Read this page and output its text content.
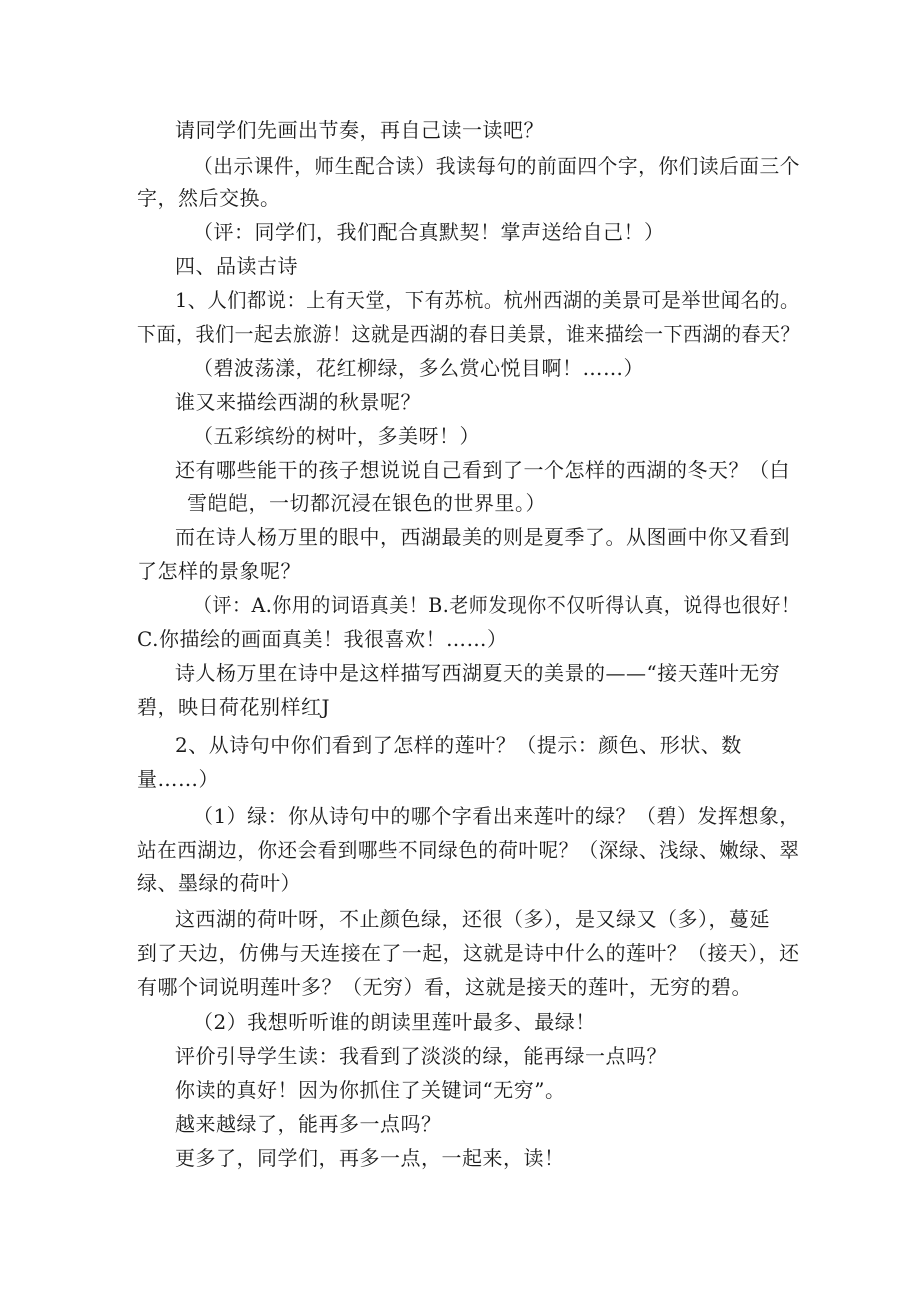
请同学们先画出节奏，再自己读一读吧？
（出示课件，师生配合读）我读每句的前面四个字，你们读后面三个
字，然后交换。
（评：同学们，我们配合真默契！掌声送给自己！）
四、品读古诗
1、人们都说：上有天堂，下有苏杭。杭州西湖的美景可是举世闻名的。
下面，我们一起去旅游！这就是西湖的春日美景，谁来描绘一下西湖的春天？
（碧波荡漾，花红柳绿，多么赏心悦目啊！……）
谁又来描绘西湖的秋景呢？
（五彩缤纷的树叶，多美呀！）
还有哪些能干的孩子想说说自己看到了一个怎样的西湖的冬天？（白
雪皑皑，一切都沉浸在银色的世界里。）
而在诗人杨万里的眼中，西湖最美的则是夏季了。从图画中你又看到
了怎样的景象呢？
（评：A.你用的词语真美！B.老师发现你不仅听得认真，说得也很好！
C.你描绘的画面真美！我很喜欢！……）
诗人杨万里在诗中是这样描写西湖夏天的美景的——“接天莲叶无穷
碧，映日荷花别样红J
2、从诗句中你们看到了怎样的莲叶？（提示：颜色、形状、数
量……）
（1）绿：你从诗句中的哪个字看出来莲叶的绿？（碧）发挥想象，
站在西湖边，你还会看到哪些不同绿色的荷叶呢？（深绿、浅绿、嫩绿、翠
绿、墨绿的荷叶）
这西湖的荷叶呀，不止颜色绿，还很（多），是又绿又（多），蔓延
到了天边，仿佛与天连接在了一起，这就是诗中什么的莲叶？（接天），还
有哪个词说明莲叶多？（无穷）看，这就是接天的莲叶，无穷的碧。
（2）我想听听谁的朗读里莲叶最多、最绿！
评价引导学生读：我看到了淡淡的绿，能再绿一点吗？
你读的真好！因为你抓住了关键词“无穷”。
越来越绿了，能再多一点吗？
更多了，同学们，再多一点，一起来，读！
